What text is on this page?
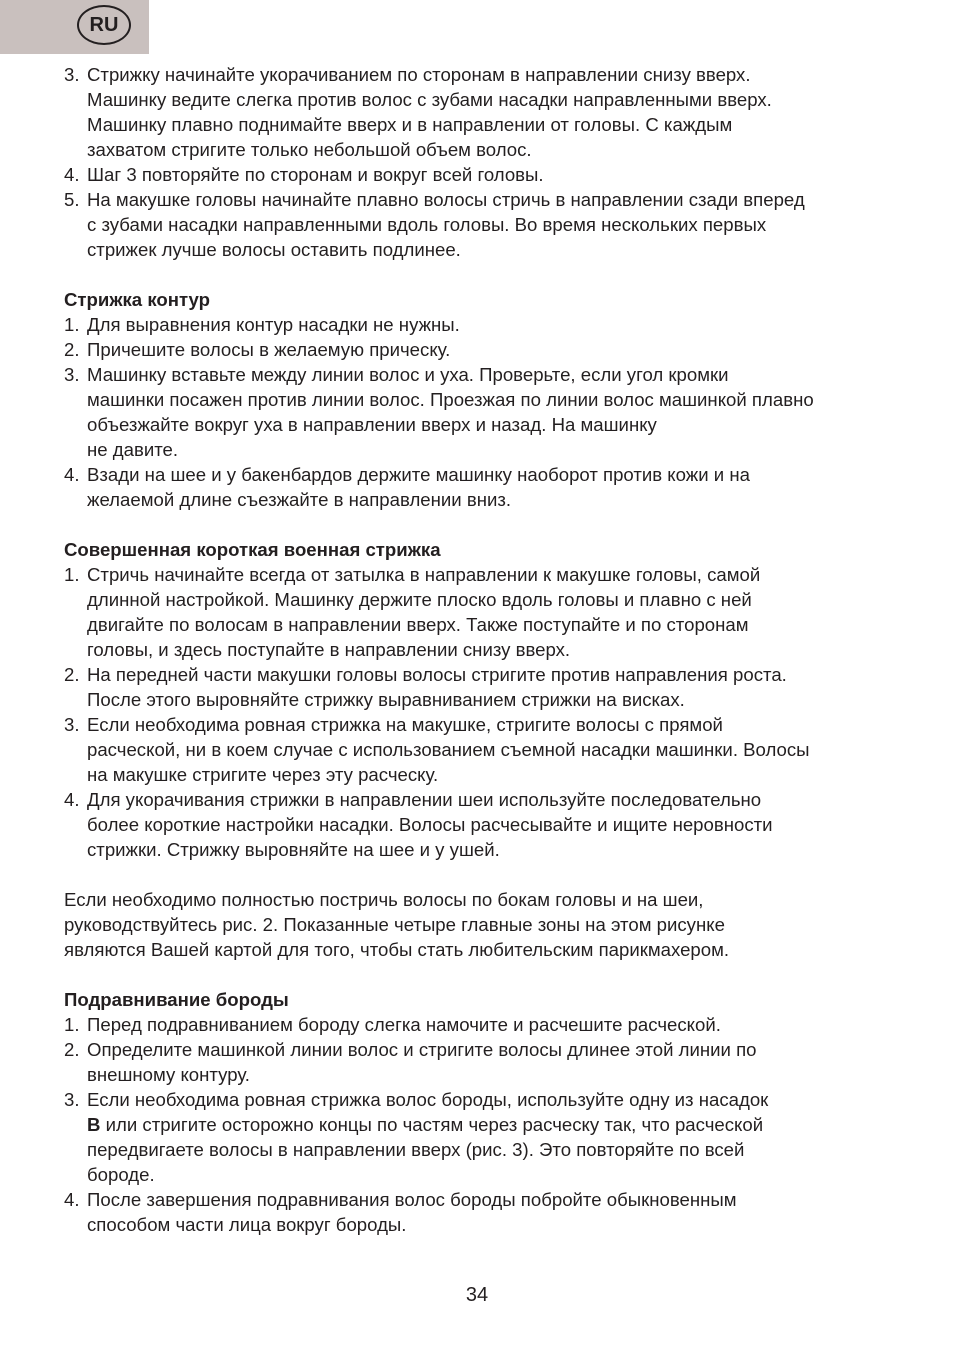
RU
3. Стрижку начинайте укорачиванием по сторонам в направлении снизу вверх.
Машинку ведите слегка против волос с зубами насадки направленными вверх.
Машинку плавно поднимайте вверх и в направлении от головы. С каждым
захватом стригите только небольшой объем волос.
4. Шаг 3 повторяйте по сторонам и вокруг всей головы.
5. На макушке головы начинайте плавно волосы стричь в направлении сзади вперед
с зубами насадки направленными вдоль головы. Во время нескольких первых
стрижек лучше волосы оставить подлинее.
Стрижка контур
1. Для выравнения контур насадки не нужны.
2. Причешите волосы в желаемую прическу.
3. Машинку вставьте между линии волос и уха. Проверьте, если угол кромки
машинки посажен против линии волос. Проезжая по линии волос машинкой плавно
объезжайте вокруг уха в направлении вверх и назад. На машинку
не давите.
4. Взади на шее и у бакенбардов держите машинку наоборот против кожи и на
желаемой длине съезжайте в направлении вниз.
Совершенная короткая военная стрижка
1. Стричь начинайте всегда от затылка в направлении к макушке головы, самой
длинной настройкой. Машинку держите плоско вдоль головы и плавно с ней
двигайте по волосам в направлении вверх. Также поступайте и по сторонам
головы, и здесь поступайте в направлении снизу вверх.
2. На передней части макушки головы волосы стригите против направления роста.
После этого выровняйте стрижку выравниванием стрижки на висках.
3. Если необходима ровная стрижка на макушке, стригите волосы с прямой
расческой, ни в коем случае с использованием съемной насадки машинки. Волосы
на макушке стригите через эту расческу.
4. Для укорачивания стрижки в направлении шеи используйте последовательно
более короткие настройки насадки. Волосы расчесывайте и ищите неровности
стрижки. Стрижку выровняйте на шее и у ушей.
Если необходимо полностью постричь волосы по бокам головы и на шеи,
руководствуйтесь рис. 2. Показанные четыре главные зоны на этом рисунке
являются Вашей картой для того, чтобы стать любительским парикмахером.
Подравнивание бороды
1. Перед подравниванием бороду слегка намочите и расчешите расческой.
2. Определите машинкой линии волос и стригите волосы длинее этой линии по
внешному контуру.
3. Если необходима ровная стрижка волос бороды, используйте одну из насадок
B или стригите осторожно концы по частям через расческу так, что расческой
передвигаете волосы в направлении вверх (рис. 3). Это повторяйте по всей
бороде.
4. После завершения подравнивания волос бороды побройте обыкновенным
способом части лица вокруг бороды.
34
